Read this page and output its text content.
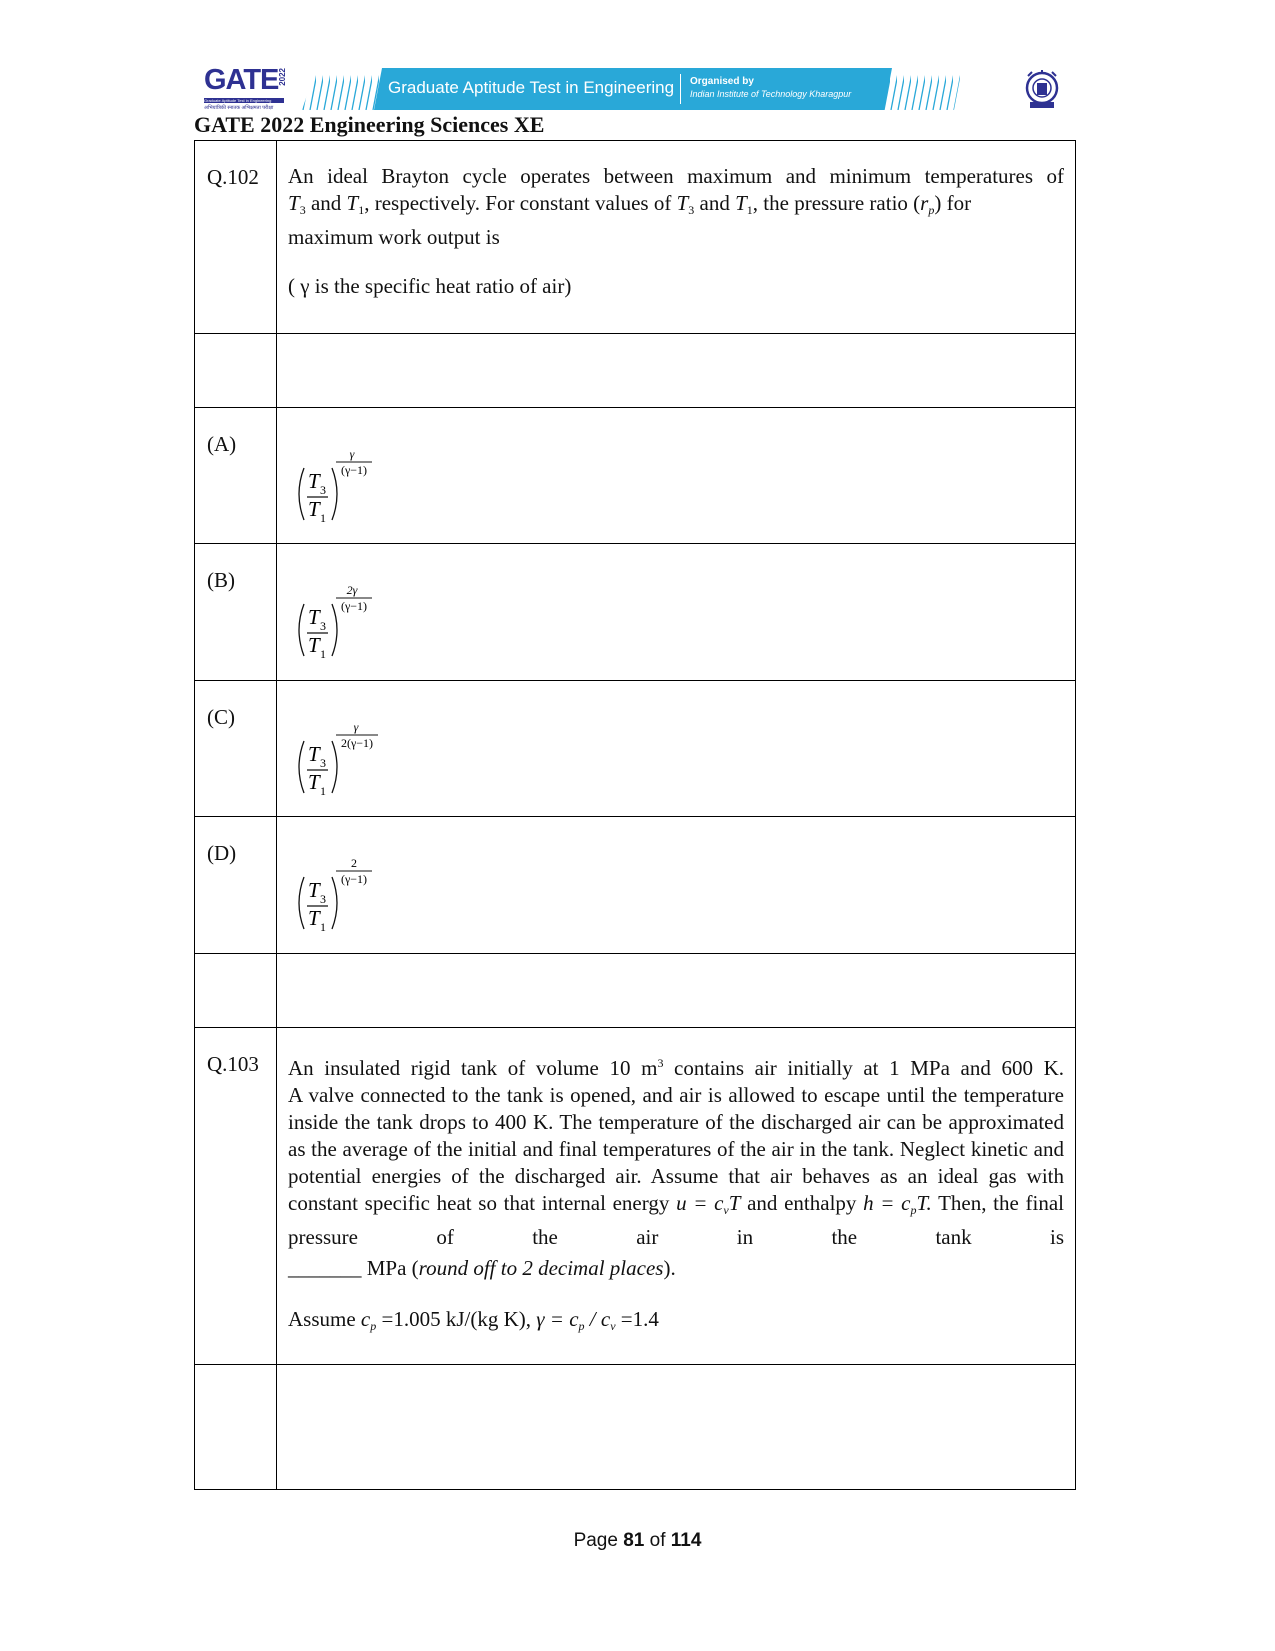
GATE 2022
Graduate Aptitude Test in Engineering
अभियांत्रिकी स्नातक अभिक्षमता परीक्षा
Graduate Aptitude Test in Engineering Organised by
Indian Institute of Technology Kharagpur
GATE 2022 Engineering Sciences XE
Q.102	An ideal Brayton cycle operates between maximum and minimum temperatures of
$T_3$ and $T_1$, respectively. For constant values of $T_3$ and $T_1$, the pressure ratio $(r_p)$ for
maximum work output is
( γ is the specific heat ratio of air)
(A)
T 3
T 1
γ
(γ−1)
(B)
T 3
T 1
2γ
(γ−1)
(C)
T 3
T 1
γ
2(γ−1)
(D)
T 3
T 1
2
(γ−1)
Q.103	An insulated rigid tank of volume 10 $m^3$ contains air initially at 1 MPa and 600 K.
A valve connected to the tank is opened, and air is allowed to escape until the temperature inside the tank drops to 400 K. The temperature of the discharged air can be approximated as the average of the initial and final temperatures of the air in the tank. Neglect kinetic and potential energies of the discharged air. Assume that air behaves as an ideal gas with constant specific heat so that internal energy $u = c_vT$ and enthalpy $h = c_pT$. Then, the final pressure of the air in the tank is
_______ MPa (round off to 2 decimal places).
Assume $c_p =1.005$ kJ/(kg K), $\gamma = c_p / c_v =1.4$
Page 81 of 114
